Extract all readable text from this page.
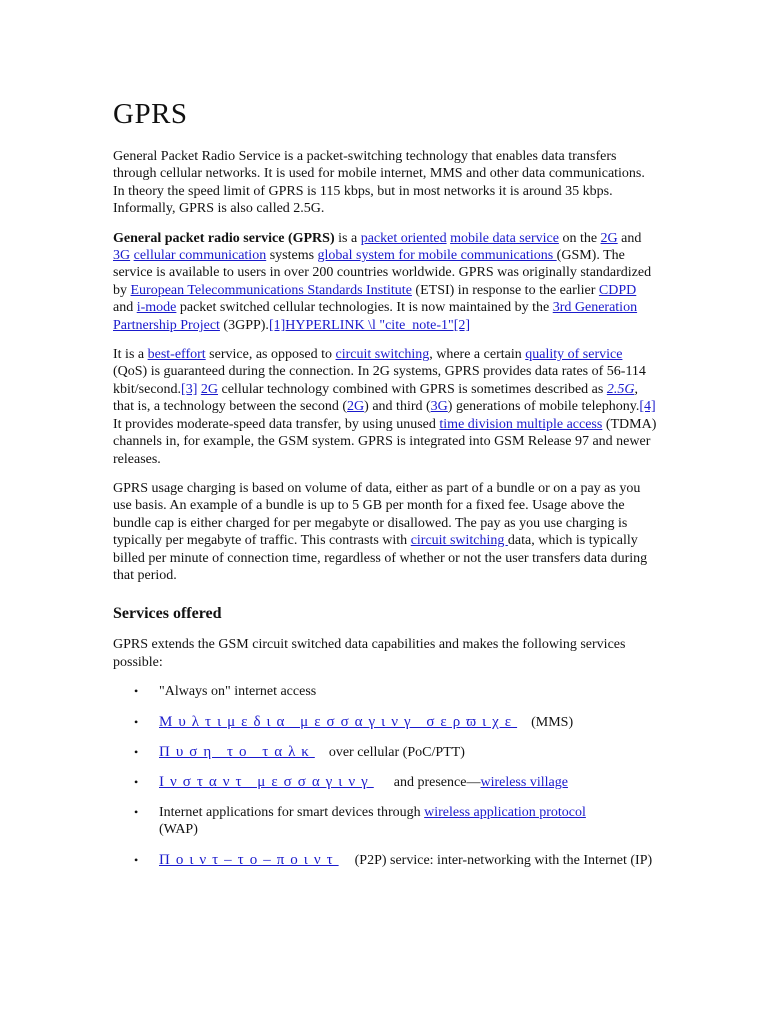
GPRS

General Packet Radio Service is a packet-switching technology that enables data transfers through cellular networks. It is used for mobile internet, MMS and other data communications. In theory the speed limit of GPRS is 115 kbps, but in most networks it is around 35 kbps. Informally, GPRS is also called 2.5G.

General packet radio service (GPRS) is a packet oriented mobile data service on the 2G and 3G cellular communication systems global system for mobile communications (GSM). The service is available to users in over 200 countries worldwide. GPRS was originally standardized by European Telecommunications Standards Institute (ETSI) in response to the earlier CDPD and i-mode packet switched cellular technologies. It is now maintained by the 3rd Generation Partnership Project (3GPP).[1]HYPERLINK \l "cite_note-1"[2]

It is a best-effort service, as opposed to circuit switching, where a certain quality of service (QoS) is guaranteed during the connection. In 2G systems, GPRS provides data rates of 56-114 kbit/second.[3] 2G cellular technology combined with GPRS is sometimes described as 2.5G, that is, a technology between the second (2G) and third (3G) generations of mobile telephony.[4] It provides moderate-speed data transfer, by using unused time division multiple access (TDMA) channels in, for example, the GSM system. GPRS is integrated into GSM Release 97 and newer releases.

GPRS usage charging is based on volume of data, either as part of a bundle or on a pay as you use basis. An example of a bundle is up to 5 GB per month for a fixed fee. Usage above the bundle cap is either charged for per megabyte or disallowed. The pay as you use charging is typically per megabyte of traffic. This contrasts with circuit switching data, which is typically billed per minute of connection time, regardless of whether or not the user transfers data during that period.

Services offered

GPRS extends the GSM circuit switched data capabilities and makes the following services possible:

• "Always on" internet access
• Μυλτιμεδια μεσσαγινγ σερϖιχε (MMS)
• Πυση το ταλκ over cellular (PoC/PTT)
• Ινσταντ μεσσαγινγ and presence—wireless village
• Internet applications for smart devices through wireless application protocol
(WAP)
• Ποιντ–το–ποιντ (P2P) service: inter-networking with the Internet (IP)
